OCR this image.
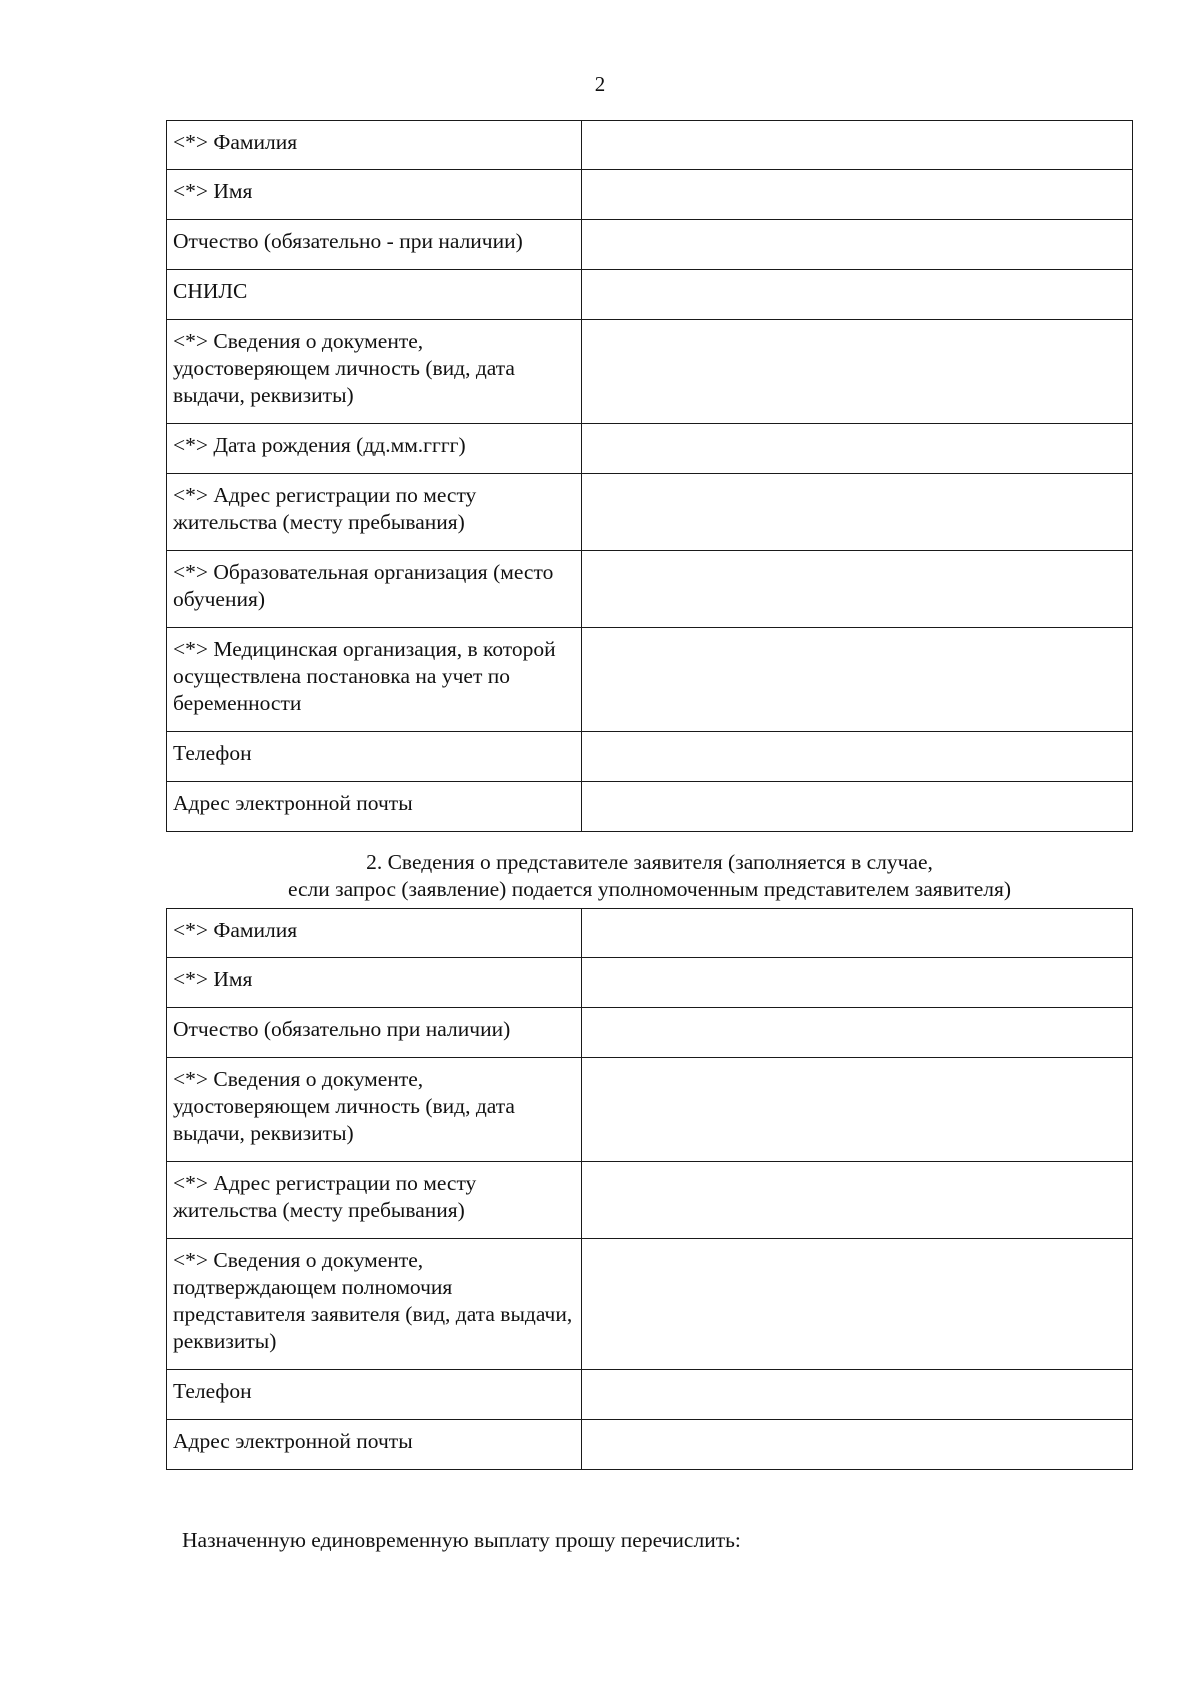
2
<*> Фамилия	
<*> Имя	
Отчество (обязательно - при наличии)	
СНИЛС	
<*> Сведения о документе, удостоверяющем личность (вид, дата выдачи, реквизиты)	
<*> Дата рождения (дд.мм.гггг)	
<*> Адрес регистрации по месту жительства (месту пребывания)	
<*> Образовательная организация (место обучения)	
<*> Медицинская организация, в которой осуществлена постановка на учет по беременности	
Телефон	
Адрес электронной почты	
2. Сведения о представителе заявителя (заполняется в случае,
если запрос (заявление) подается уполномоченным представителем заявителя)
<*> Фамилия	
<*> Имя	
Отчество (обязательно при наличии)	
<*> Сведения о документе, удостоверяющем личность (вид, дата выдачи, реквизиты)	
<*> Адрес регистрации по месту жительства (месту пребывания)	
<*> Сведения о документе, подтверждающем полномочия представителя заявителя (вид, дата выдачи, реквизиты)	
Телефон	
Адрес электронной почты	
Назначенную единовременную выплату прошу перечислить:
